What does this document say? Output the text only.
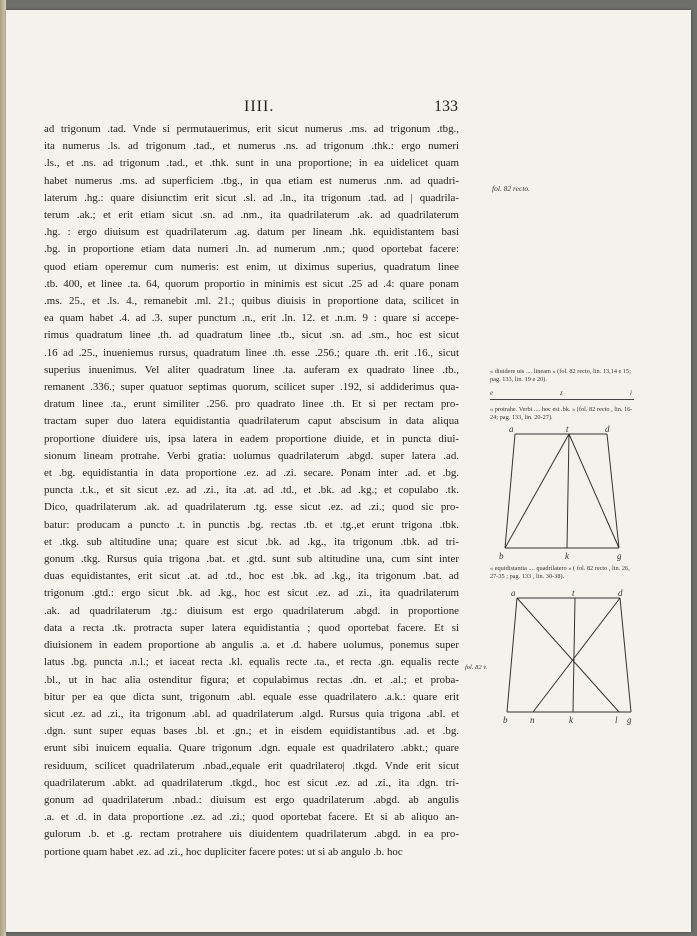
IIII.	133
ad trigonum .tad. Vnde si permutauerimus, erit sicut numerus .ms. ad trigonum .tbg.,
ita numerus .ls. ad trigonum .tad., et numerus .ns. ad trigonum .thk.: ergo numeri
.ls., et .ns. ad trigonum .tad., et .thk. sunt in una proportione; in ea uidelicet quam
habet numerus .ms. ad superficiem .tbg., in qua etiam est numerus .nm. ad quadri-
laterum .hg.: quare disiunctim erit sicut .sl. ad .ln., ita trigonum .tad. ad | quadrila-
terum .ak.; et erit etiam sicut .sn. ad .nm., ita quadrilaterum .ak. ad quadrilaterum
.hg. : ergo diuisum est quadrilaterum .ag. datum per lineam .hk. equidistantem basi
.bg. in proportione etiam data numeri .ln. ad numerum .nm.; quod oportebat facere:
quod etiam operemur cum numeris: est enim, ut diximus superius, quadratum linee
.tb. 400, et linee .ta. 64, quorum proportio in minimis est sicut .25 ad .4: quare ponam
.ms. 25., et .ls. 4., remanebit .ml. 21.; quibus diuisis in proportione data, scilicet in
ea quam habet .4. ad .3. super punctum .n., erit .ln. 12. et .n.m. 9 : quare si accepe-
rimus quadratum linee .th. ad quadratum linee .tb., sicut .sn. ad .sm., hoc est sicut
.16 ad .25., inueniemus rursus, quadratum linee .th. esse .256.; quare .th. erit .16., sicut
superius inuenimus. Vel aliter quadratum linee .ta. auferam ex quadrato linee .tb.,
remanent .336.; super quatuor septimas quorum, scilicet super .192, si addiderimus qua-
dratum linee .ta., erunt similiter .256. pro quadrato linee .th. Et si per rectam pro-
tractam super duo latera equidistantia quadrilaterum caput abscisum in data aliqua
proportione diuidere uis, ipsa latera in eadem proportione diuide, et in puncta diui-
sionum lineam protrahe. Verbi gratia: uolumus quadrilaterum .abgd. super latera .ad.
et .bg. equidistantia in data proportione .ez. ad .zi. secare. Ponam inter .ad. et .bg.
puncta .t.k., et sit sicut .ez. ad .zi., ita .at. ad .td., et .bk. ad .kg.; et copulabo .tk.
Dico, quadrilaterum .ak. ad quadrilaterum .tg. esse sicut .ez. ad .zi.; quod sic pro-
batur: producam a puncto .t. in punctis .bg. rectas .tb. et .tg.,et erunt trigona .tbk.
et .tkg. sub altitudine una; quare est sicut .bk. ad .kg., ita trigonum .tbk. ad tri-
gonum .tkg. Rursus quia trigona .bat. et .gtd. sunt sub altitudine una, cum sint inter
duas equidistantes, erit sicut .at. ad .td., hoc est .bk. ad .kg., ita trigonum .bat. ad
trigonum .gtd.: ergo sicut .bk. ad .kg., hoc est sicut .ez. ad .zi., ita quadrilaterum
.ak. ad quadrilaterum .tg.: diuisum est ergo quadrilaterum .abgd. in proportione
data a recta .tk. protracta super latera equidistantia ; quod oportebat facere. Et si
diuisionem in eadem proportione ab angulis .a. et .d. habere uolumus, ponemus super
latus .bg. puncta .n.l.; et iaceat recta .kl. equalis recte .ta., et recta .gn. equalis recte
.bl., ut in hac alia ostenditur figura; et copulabimus rectas .dn. et .al.; et proba-
bitur per ea que dicta sunt, trigonum .abl. equale esse quadrilatero .a.k.: quare erit
sicut .ez. ad .zi., ita trigonum .abl. ad quadrilaterum .algd. Rursus quia trigona .abl. et
.dgn. sunt super equas bases .bl. et .gn.; et in eisdem equidistantibus .ad. et .bg.
erunt sibi inuicem equalia. Quare trigonum .dgn. equale est quadrilatero .abkt.; quare
residuum, scilicet quadrilaterum .nbad.,equale erit quadrilatero| .tkgd. Vnde erit sicut
quadrilaterum .abkt. ad quadrilaterum .tkgd., hoc est sicut .ez. ad .zi., ita .dgn. tri-
gonum ad quadrilaterum .nbad.: diuisum est ergo quadrilaterum .abgd. ab angulis
.a. et .d. in data proportione .ez. ad .zi.; quod oportebat facere. Et si ab aliquo an-
gulorum .b. et .g. rectam protrahere uis diuidentem quadrilaterum .abgd. in ea pro-
portione quam habet .ez. ad .zi., hoc dupliciter facere potes: ut si ab angulo .b. hoc
fol. 82 recto.
fol. 82 v.
« diuidere uis .... lineam » (fol. 82 recto, lin. 13,14 e 15; pag. 133, lin. 19 e 20).
e	z	i
« protrahe. Verbi .... hoc est .bk. » (fol. 82 recto , lin. 16-24; pag. 133, lin. 20-27).
a	t	d
b	k	g
« equidistantia .... quadrilatero » ( fol. 82 recto , lin. 26, 27-35 ; pag. 133 , lin. 30-38).
a	t	d
b	n	k	l g
